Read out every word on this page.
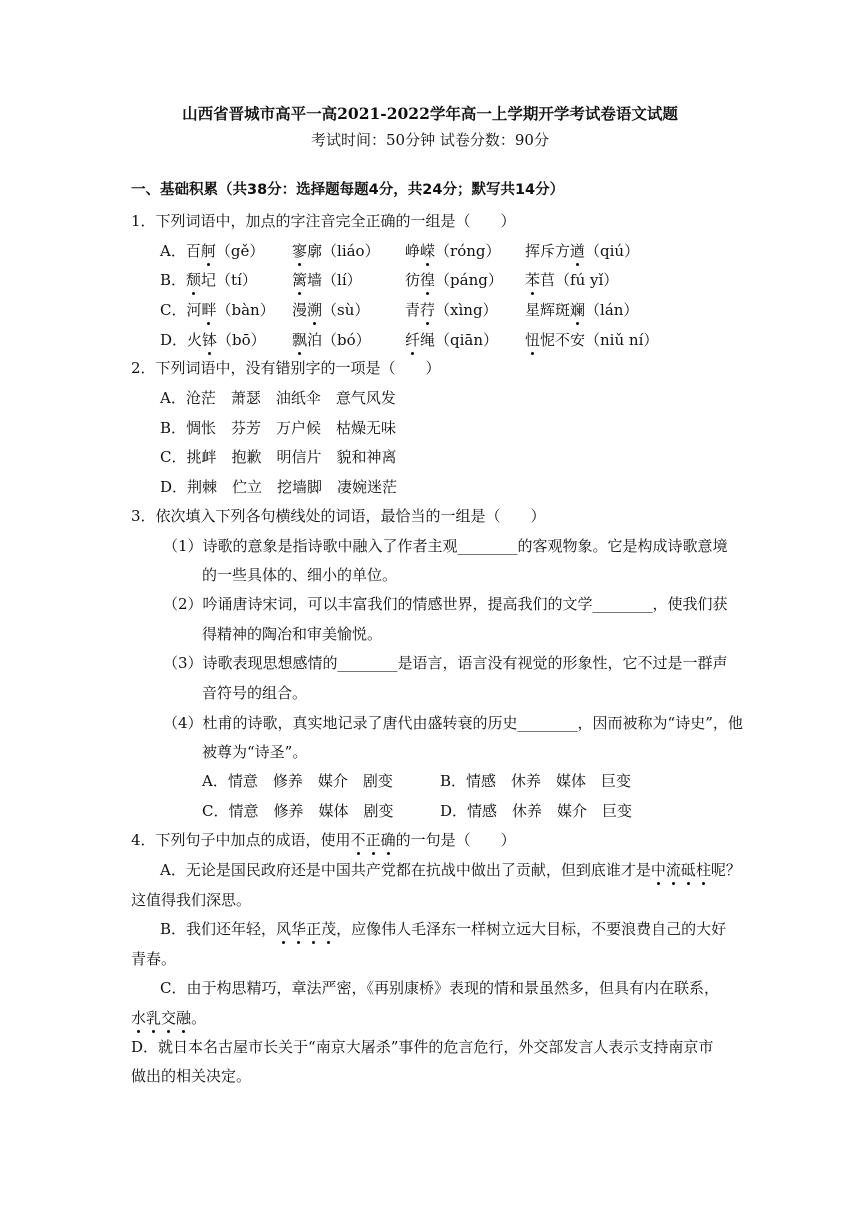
山西省晋城市高平一高2021-2022学年高一上学期开学考试卷语文试题
考试时间：50分钟 试卷分数：90分
一、基础积累（共38分：选择题每题4分，共24分；默写共14分）
1．下列词语中，加点的字注音完全正确的一组是（　　）
A．百舸（gě） 寥廓（liáo） 峥嵘（róng） 挥斥方遒（qiú）
B．颓圮（tí） 篱墙（lí）	彷徨（páng） 苯苢（fú yǐ）
C．河畔（bàn） 漫溯（sù） 青荇（xìng） 星辉斑斓（lán）
D．火钵（bō） 飘泊（bó） 纤绳（qiān） 忸怩不安（niǔ ní）
2．下列词语中，没有错别字的一项是（　　）
A．沧茫　萧瑟　油纸伞　意气风发
B．惆怅　芬芳　万户候　枯燥无味
C．挑衅　抱歉　明信片　貌和神离
D．荆棘　伫立　挖墙脚　凄婉迷茫
3．依次填入下列各句横线处的词语，最恰当的一组是（　　）
（1）诗歌的意象是指诗歌中融入了作者主观________的客观物象。它是构成诗歌意境
的一些具体的、细小的单位。
（2）吟诵唐诗宋词，可以丰富我们的情感世界，提高我们的文学________，使我们获
得精神的陶冶和审美愉悦。
（3）诗歌表现思想感情的________是语言，语言没有视觉的形象性，它不过是一群声
音符号的组合。
（4）杜甫的诗歌，真实地记录了唐代由盛转衰的历史________，因而被称为“诗史”，他
被尊为“诗圣”。
A．情意　修养　媒介　剧变	B．情感　休养　媒体　巨变
C．情意　修养　媒体　剧变	D．情感　休养　媒介　巨变
4．下列句子中加点的成语，使用不正确的一句是（　　）
A．无论是国民政府还是中国共产党都在抗战中做出了贡献，但到底谁才是中流砥柱呢？
这值得我们深思。
B．我们还年轻，风华正茂，应像伟人毛泽东一样树立远大目标，不要浪费自己的大好
青春。
C．由于构思精巧，章法严密，《再别康桥》表现的情和景虽然多，但具有内在联系，
水乳交融。
D．就日本名古屋市长关于“南京大屠杀”事件的危言危行，外交部发言人表示支持南京市
做出的相关决定。
